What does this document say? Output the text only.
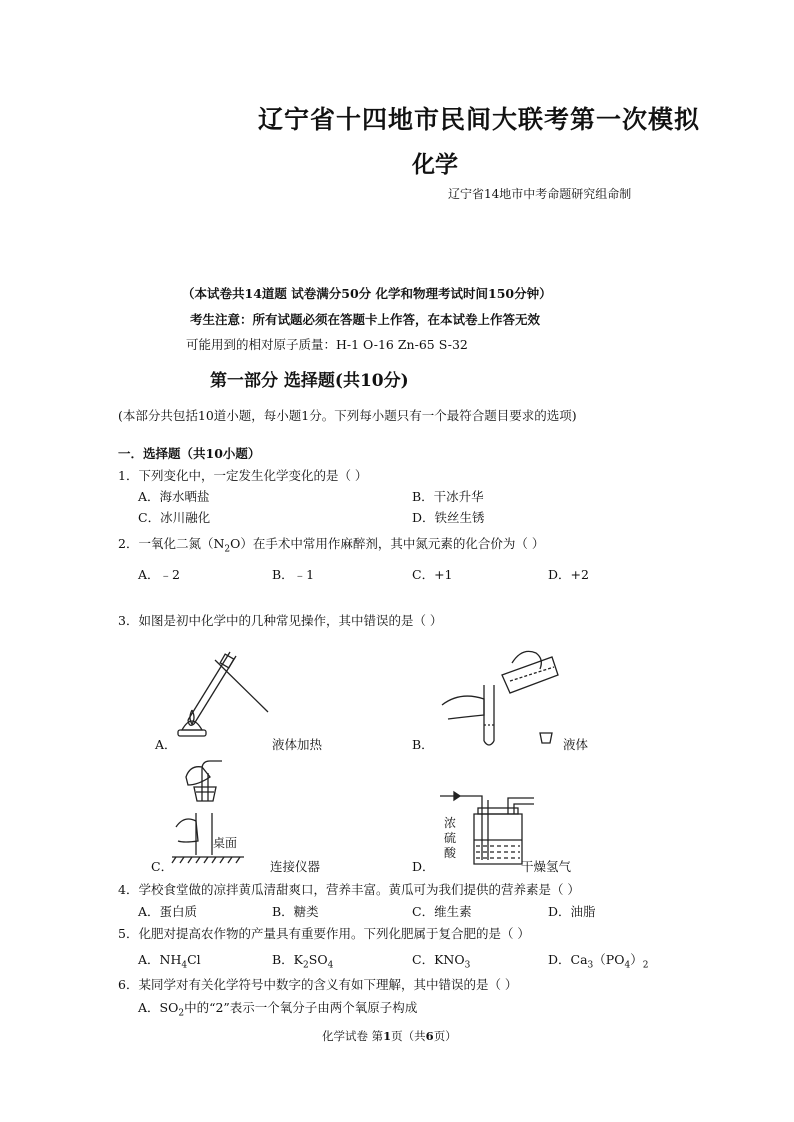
辽宁省十四地市民间大联考第一次模拟
化学
辽宁省14地市中考命题研究组命制
（本试卷共14道题 试卷满分50分 化学和物理考试时间150分钟）
考生注意：所有试题必须在答题卡上作答，在本试卷上作答无效
可能用到的相对原子质量：H-1 O-16 Zn-65 S-32
第一部分 选择题(共10分)
(本部分共包括10道小题，每小题1分。下列每小题只有一个最符合题目要求的选项)
一．选择题（共10小题）
1．下列变化中，一定发生化学变化的是（ ）
A．海水晒盐	B．干冰升华
C．冰川融化	D．铁丝生锈
2．一氧化二氮$(N_2O)$在手术中常用作麻醉剂，其中氮元素的化合价为（ ）
A．﹣2	B．﹣1	C．+1	D．+2
3．如图是初中化学中的几种常见操作，其中错误的是（ ）
A．	液体加热	B．	液体
桌面
C．	连接仪器
浓
硫
酸
D．	干燥氢气
4．学校食堂做的凉拌黄瓜清甜爽口，营养丰富。黄瓜可为我们提供的营养素是（ ）
A．蛋白质	B．糖类	C．维生素	D．油脂
5．化肥对提高农作物的产量具有重要作用。下列化肥属于复合肥的是（ ）
A．$NH_4Cl$	B．$K_2SO_4$	C．$KNO_3$	D．$Ca_3(PO_4)_2$
6．某同学对有关化学符号中数字的含义有如下理解，其中错误的是（ ）
A．$SO_2$中的“2”表示一个氧分子由两个氧原子构成
化学试卷 第1页（共6页）
